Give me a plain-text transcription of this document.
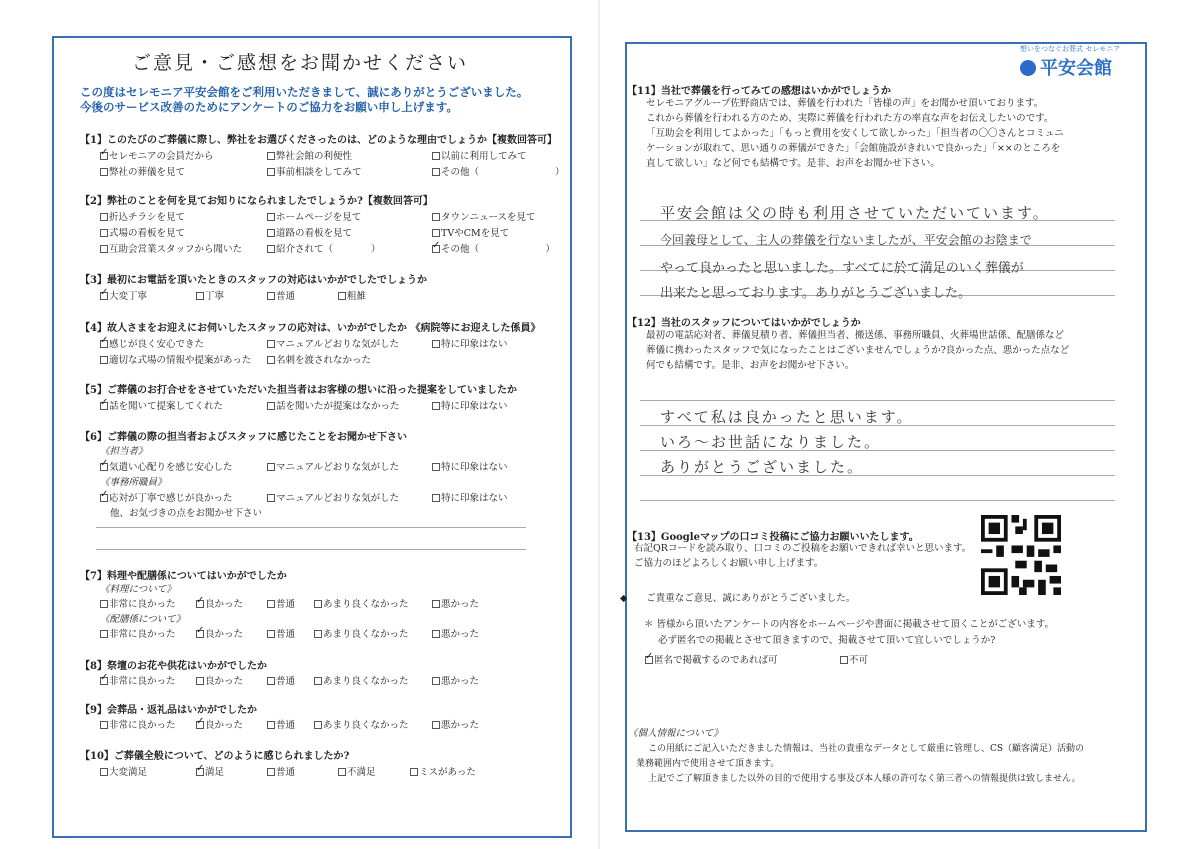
ご意見・ご感想をお聞かせください
この度はセレモニア平安会館をご利用いただきまして、誠にありがとうございました。
今後のサービス改善のためにアンケートのご協力をお願い申し上げます。
【1】このたびのご葬儀に際し、弊社をお選びくださったのは、どのような理由でしょうか【複数回答可】
✓セレモニアの会員だから	弊社会館の利便性	以前に利用してみて
弊社の葬儀を見て	事前相談をしてみて	その他（　　　　　　　　）
【2】弊社のことを何を見てお知りになられましたでしょうか?【複数回答可】
折込チラシを見て	ホームページを見て	タウンニュースを見て
式場の看板を見て	道路の看板を見て	TVやCMを見て
互助会営業スタッフから聞いた	紹介されて（　　　　） ✓	その他（　　　　　　　）
【3】最初にお電話を頂いたときのスタッフの対応はいかがでしたでしょうか
✓大変丁寧	丁寧	普通	粗雑
【4】故人さまをお迎えにお伺いしたスタッフの応対は、いかがでしたか 《病院等にお迎えした係員》
✓感じが良く安心できた	マニュアルどおりな気がした	特に印象はない
適切な式場の情報や提案があった	名刺を渡されなかった
【5】ご葬儀のお打合せをさせていただいた担当者はお客様の想いに沿った提案をしていましたか
✓話を聞いて提案してくれた	話を聞いたが提案はなかった	特に印象はない
【6】ご葬儀の際の担当者およびスタッフに感じたことをお聞かせ下さい
《担当者》
✓気遣い心配りを感じ安心した	マニュアルどおりな気がした	特に印象はない
《事務所職員》
✓応対が丁寧で感じが良かった	マニュアルどおりな気がした	特に印象はない
他、お気づきの点をお聞かせ下さい
【7】料理や配膳係についてはいかがでしたか
《料理について》
非常に良かった ✓	良かった	普通	あまり良くなかった	悪かった
《配膳係について》
非常に良かった ✓	良かった	普通	あまり良くなかった	悪かった
【8】祭壇のお花や供花はいかがでしたか
✓非常に良かった	良かった	普通	あまり良くなかった	悪かった
【9】会葬品・返礼品はいかがでしたか
非常に良かった ✓	良かった	普通	あまり良くなかった	悪かった
【10】ご葬儀全般について、どのように感じられましたか?
大変満足 ✓	満足	普通	不満足	ミスがあった
想いをつなぐお葬式 セレモニア
平安会館
【11】当社で葬儀を行ってみての感想はいかがでしょうか
セレモニアグループ佐野商店では、葬儀を行われた「皆様の声」をお聞かせ頂いております。
これから葬儀を行われる方のため、実際に葬儀を行われた方の率直な声をお伝えしたいのです。
「互助会を利用してよかった」「もっと費用を安くして欲しかった」「担当者の〇〇さんとコミュニ
ケーションが取れて、思い通りの葬儀ができた」「会館施設がきれいで良かった」「××のところを
直して欲しい」など何でも結構です。是非、お声をお聞かせ下さい。
平安会館は父の時も利用させていただいています。
今回義母として、主人の葬儀を行ないましたが、平安会館のお陰まで
やって良かったと思いました。すべてに於て満足のいく葬儀が
出来たと思っております。ありがとうございました。
【12】当社のスタッフについてはいかがでしょうか
最初の電話応対者、葬儀見積り者、葬儀担当者、搬送係、事務所職員、火葬場世話係、配膳係など
葬儀に携わったスタッフで気になったことはございませんでしょうか?良かった点、悪かった点など
何でも結構です。是非、お声をお聞かせ下さい。
すべて私は良かったと思います。
いろ〜お世話になりました。
ありがとうございました。
【13】Googleマップの口コミ投稿にご協力お願いいたします。
右記QRコードを読み取り、口コミのご投稿をお願いできれば幸いと思います。
ご協力のほどよろしくお願い申し上げます。
◆　　ご貴重なご意見、誠にありがとうございました。
＊ 皆様から頂いたアンケートの内容をホームページや書面に掲載させて頂くことがございます。
必ず匿名での掲載とさせて頂きますので、掲載させて頂いて宜しいでしょうか?
✓匿名で掲載するのであれば可	不可
《個人情報について》
この用紙にご記入いただきました情報は、当社の貴重なデータとして厳重に管理し、CS（顧客満足）活動の
業務範囲内で使用させて頂きます。
上記でご了解頂きました以外の目的で使用する事及び本人様の許可なく第三者への情報提供は致しません。
